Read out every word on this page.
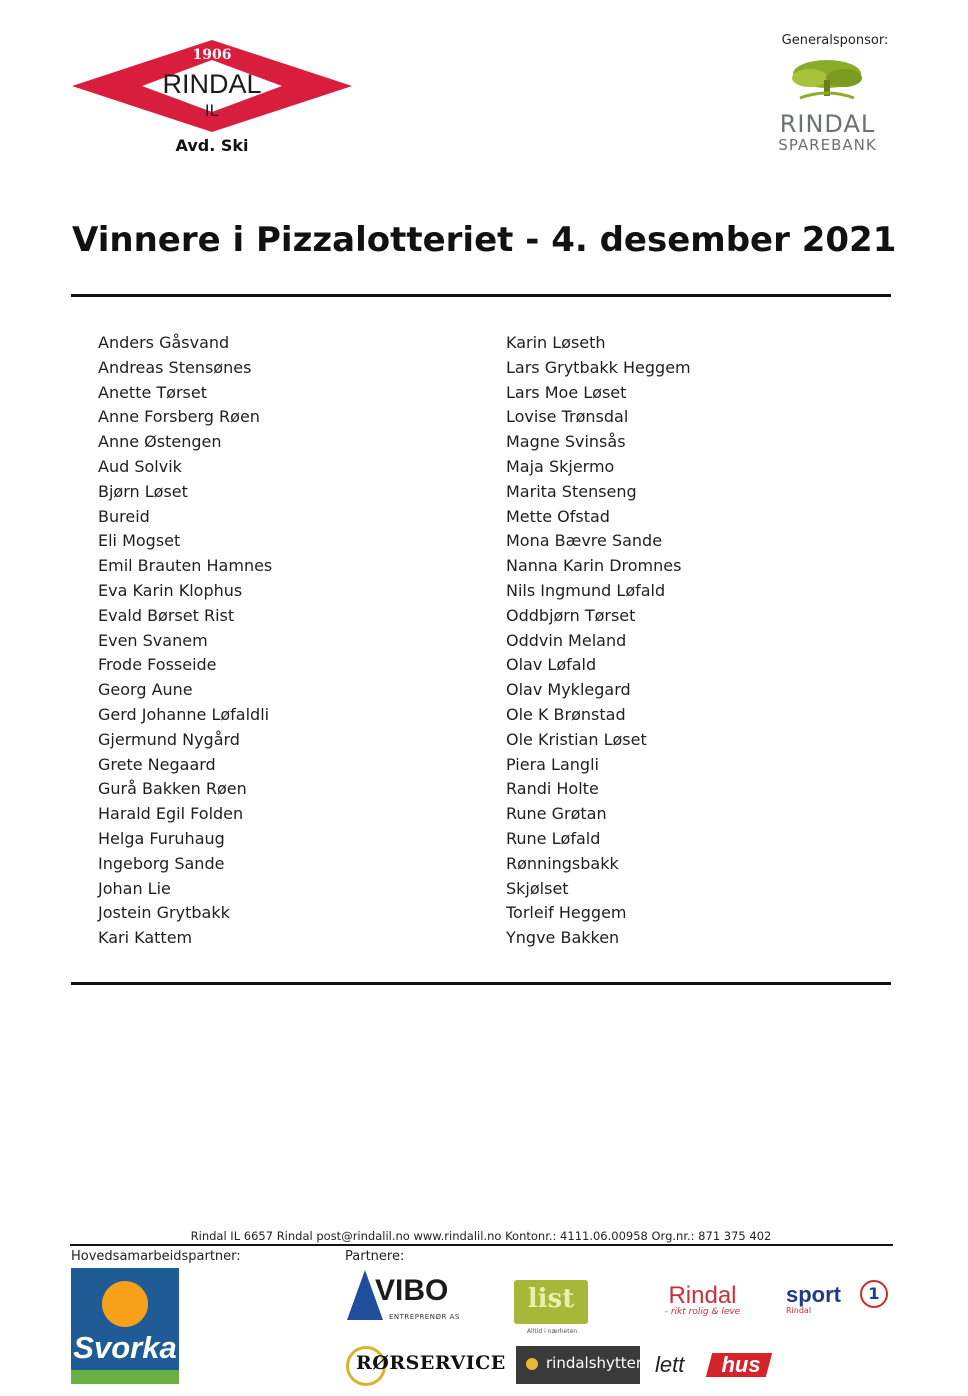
1906
RINDAL
IL
Avd. Ski
Generalsponsor:
RINDAL
SPAREBANK
Vinnere i Pizzalotteriet - 4. desember 2021
Anders Gåsvand
Andreas Stensønes
Anette Tørset
Anne Forsberg Røen
Anne Østengen
Aud Solvik
Bjørn Løset
Bureid
Eli Mogset
Emil Brauten Hamnes
Eva Karin Klophus
Evald Børset Rist
Even Svanem
Frode Fosseide
Georg Aune
Gerd Johanne Løfaldli
Gjermund Nygård
Grete Negaard
Gurå Bakken Røen
Harald Egil Folden
Helga Furuhaug
Ingeborg Sande
Johan Lie
Jostein Grytbakk
Kari Kattem
Karin Løseth
Lars Grytbakk Heggem
Lars Moe Løset
Lovise Trønsdal
Magne Svinsås
Maja Skjermo
Marita Stenseng
Mette Ofstad
Mona Bævre Sande
Nanna Karin Dromnes
Nils Ingmund Løfald
Oddbjørn Tørset
Oddvin Meland
Olav Løfald
Olav Myklegard
Ole K Brønstad
Ole Kristian Løset
Piera Langli
Randi Holte
Rune Grøtan
Rune Løfald
Rønningsbakk
Skjølset
Torleif Heggem
Yngve Bakken
Rindal IL 6657 Rindal post@rindalil.no www.rindalil.no Kontonr.: 4111.06.00958 Org.nr.: 871 375 402
Hovedsamarbeidspartner:	Partnere:
Svorka
VIBO
ENTREPRENØR AS
list
Alltid i nærheten
Rindal
- rikt rolig & leve
sport	1
Rindal
RØRSERVICE	rindalshytter lett	hus
